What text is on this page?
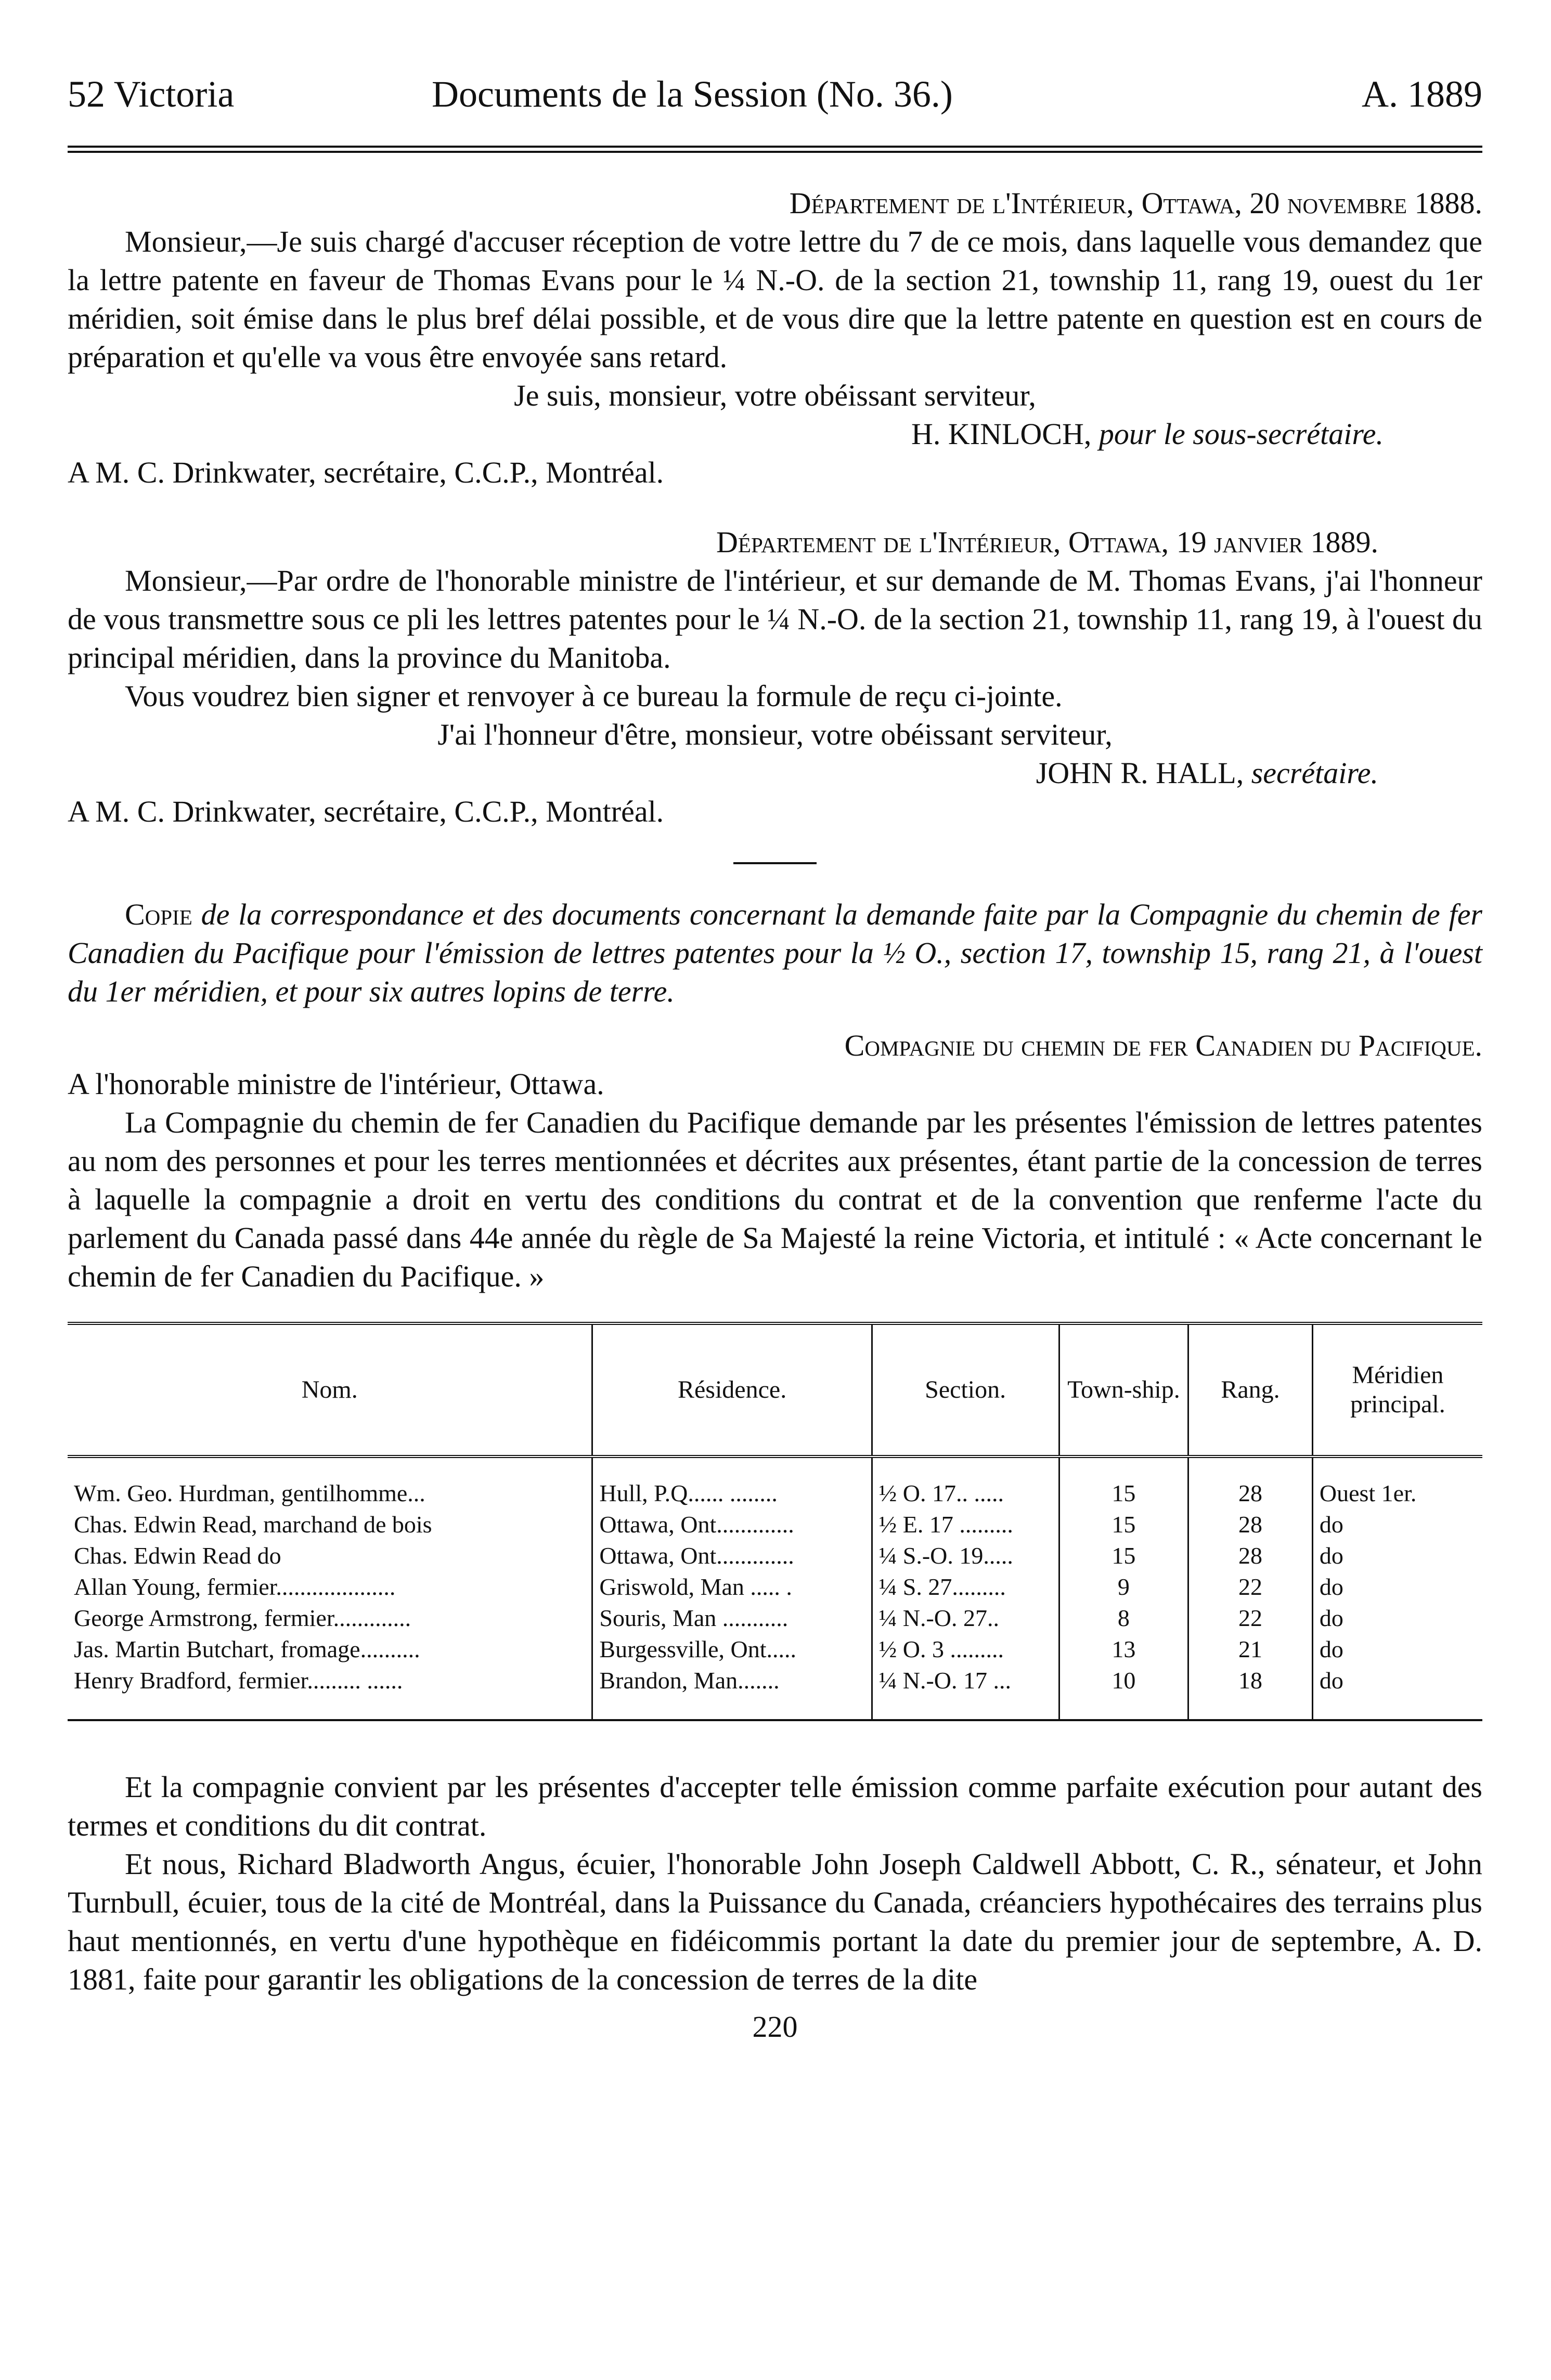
52 Victoria	Documents de la Session (No. 36.)	A. 1889

Département de l'Intérieur, Ottawa, 20 novembre 1888.

Monsieur,—Je suis chargé d'accuser réception de votre lettre du 7 de ce mois, dans laquelle vous demandez que la lettre patente en faveur de Thomas Evans pour le ¼ N.-O. de la section 21, township 11, rang 19, ouest du 1er méridien, soit émise dans le plus bref délai possible, et de vous dire que la lettre patente en question est en cours de préparation et qu'elle va vous être envoyée sans retard.

Je suis, monsieur, votre obéissant serviteur,

H. KINLOCH, pour le sous-secrétaire.

A M. C. Drinkwater, secrétaire, C.C.P., Montréal.

Département de l'Intérieur, Ottawa, 19 janvier 1889.

Monsieur,—Par ordre de l'honorable ministre de l'intérieur, et sur demande de M. Thomas Evans, j'ai l'honneur de vous transmettre sous ce pli les lettres patentes pour le ¼ N.-O. de la section 21, township 11, rang 19, à l'ouest du principal méridien, dans la province du Manitoba.

Vous voudrez bien signer et renvoyer à ce bureau la formule de reçu ci-jointe.

J'ai l'honneur d'être, monsieur, votre obéissant serviteur,

JOHN R. HALL, secrétaire.

A M. C. Drinkwater, secrétaire, C.C.P., Montréal.

Copie de la correspondance et des documents concernant la demande faite par la Compagnie du chemin de fer Canadien du Pacifique pour l'émission de lettres patentes pour la ½ O., section 17, township 15, rang 21, à l'ouest du 1er méridien, et pour six autres lopins de terre.

Compagnie du chemin de fer Canadien du Pacifique.

A l'honorable ministre de l'intérieur, Ottawa.

La Compagnie du chemin de fer Canadien du Pacifique demande par les présentes l'émission de lettres patentes au nom des personnes et pour les terres mentionnées et décrites aux présentes, étant partie de la concession de terres à laquelle la compagnie a droit en vertu des conditions du contrat et de la convention que renferme l'acte du parlement du Canada passé dans 44e année du règle de Sa Majesté la reine Victoria, et intitulé : « Acte concernant le chemin de fer Canadien du Pacifique. »

Nom.	Résidence.	Section.	Town-ship.	Rang.	Méridien principal.
Wm. Geo. Hurdman, gentilhomme...	Hull, P.Q...... ........	½ O. 17.. .....	15	28	Ouest 1er.
Chas. Edwin Read, marchand de bois	Ottawa, Ont.............	½ E. 17 .........	15	28	do
Chas. Edwin Read do	Ottawa, Ont.............	¼ S.-O. 19.....	15	28	do
Allan Young, fermier....................	Griswold, Man ..... .	¼ S. 27.........	9	22	do
George Armstrong, fermier.............	Souris, Man ...........	¼ N.-O. 27..	8	22	do
Jas. Martin Butchart, fromage..........	Burgessville, Ont.....	½ O. 3 .........	13	21	do
Henry Bradford, fermier......... ......	Brandon, Man.......	¼ N.-O. 17 ...	10	18	do

Et la compagnie convient par les présentes d'accepter telle émission comme parfaite exécution pour autant des termes et conditions du dit contrat.

Et nous, Richard Bladworth Angus, écuier, l'honorable John Joseph Caldwell Abbott, C. R., sénateur, et John Turnbull, écuier, tous de la cité de Montréal, dans la Puissance du Canada, créanciers hypothécaires des terrains plus haut mentionnés, en vertu d'une hypothèque en fidéicommis portant la date du premier jour de septembre, A. D. 1881, faite pour garantir les obligations de la concession de terres de la dite

220
